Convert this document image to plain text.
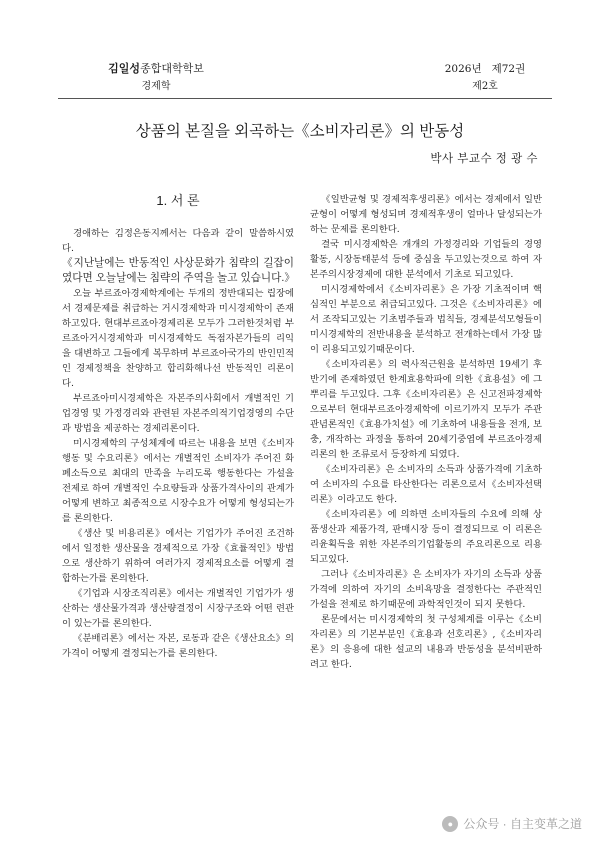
김일성종합대학학보
경제학
2026년   제72권
제2호
상품의 본질을 외곡하는《소비자리론》의 반동성
박사 부교수 정 광 수
1. 서 론

경애하는 김정은동지께서는 다음과 같이 말씀하시였다.

《지난날에는 반동적인 사상문화가 침략의 길잡이였다면 오늘날에는 침략의 주역을 놀고 있습니다.》

오늘 부르죠아경제학계에는 두개의 정반대되는 립장에서 경제문제를 취급하는 거시경제학과 미시경제학이 존재하고있다. 현대부르죠아경제리론 모두가 그러한것처럼 부르죠아거시경제학과 미시경제학도 독점자본가들의 리익을 대변하고 그들에게 복무하며 부르죠아국가의 반인민적인 경제정책을 찬양하고 합리화해나선 반동적인 리론이다.

부르죠아미시경제학은 자본주의사회에서 개별적인 기업경영 및 가정경리와 관련된 자본주의적기업경영의 수단과 방법을 제공하는 경제리론이다.

미시경제학의 구성체계에 따르는 내용을 보면《소비자행동 및 수요리론》에서는 개별적인 소비자가 주어진 화폐소득으로 최대의 만족을 누리도록 행동한다는 가설을 전제로 하여 개별적인 수요량들과 상품가격사이의 관계가 어떻게 변하고 최종적으로 시장수요가 어떻게 형성되는가를 론의한다.

《생산 및 비용리론》에서는 기업가가 주어진 조건하에서 일정한 생산물을 경제적으로 가장《효률적인》방법으로 생산하기 위하여 여러가지 경제적요소를 어떻게 결합하는가를 론의한다.

《기업과 시장조직리론》에서는 개별적인 기업가가 생산하는 생산물가격과 생산량결정이 시장구조와 어떤 련관이 있는가를 론의한다.

《분배리론》에서는 자본, 로동과 같은《생산요소》의 가격이 어떻게 결정되는가를 론의한다.

《일반균형 및 경제적후생리론》에서는 경제에서 일반균형이 어떻게 형성되며 경제적후생이 얼마나 달성되는가 하는 문제를 론의한다.

결국 미시경제학은 개개의 가정경리와 기업들의 경영활동, 시장동태분석 등에 중심을 두고있는것으로 하여 자본주의시장경제에 대한 분석에서 기초로 되고있다.

미시경제학에서《소비자리론》은 가장 기초적이며 핵심적인 부분으로 취급되고있다. 그것은《소비자리론》에서 조작되고있는 기초범주들과 법칙들, 경제분석모형들이 미시경제학의 전반내용을 분석하고 전개하는데서 가장 많이 리용되고있기때문이다.

《소비자리론》의 력사적근원을 분석하면 19세기 후반기에 존재하였던 한계효용학파에 의한《효용설》에 그 뿌리를 두고있다. 그후《소비자리론》은 신고전파경제학으로부터 현대부르죠아경제학에 이르기까지 모두가 주관관념론적인《효용가치설》에 기초하여 내용들을 전개, 보충, 개작하는 과정을 통하여 20세기중엽에 부르죠아경제리론의 한 조류로서 등장하게 되였다.

《소비자리론》은 소비자의 소득과 상품가격에 기초하여 소비자의 수요를 타산한다는 리론으로서《소비자선택리론》이라고도 한다.

《소비자리론》에 의하면 소비자들의 수요에 의해 상품생산과 제품가격, 판매시장 등이 결정되므로 이 리론은 리윤획득을 위한 자본주의기업활동의 주요리론으로 리용되고있다.

그러나《소비자리론》은 소비자가 자기의 소득과 상품가격에 의하여 자기의 소비욕망을 결정한다는 주관적인 가설을 전제로 하기때문에 과학적인것이 되지 못한다.

론문에서는 미시경제학의 첫 구성체계를 이루는《소비자리론》의 기본부분인《효용과 선호리론》,《소비자리론》의 응용에 대한 설교의 내용과 반동성을 분석비판하려고 한다.

● 公众号 · 自主变革之道
